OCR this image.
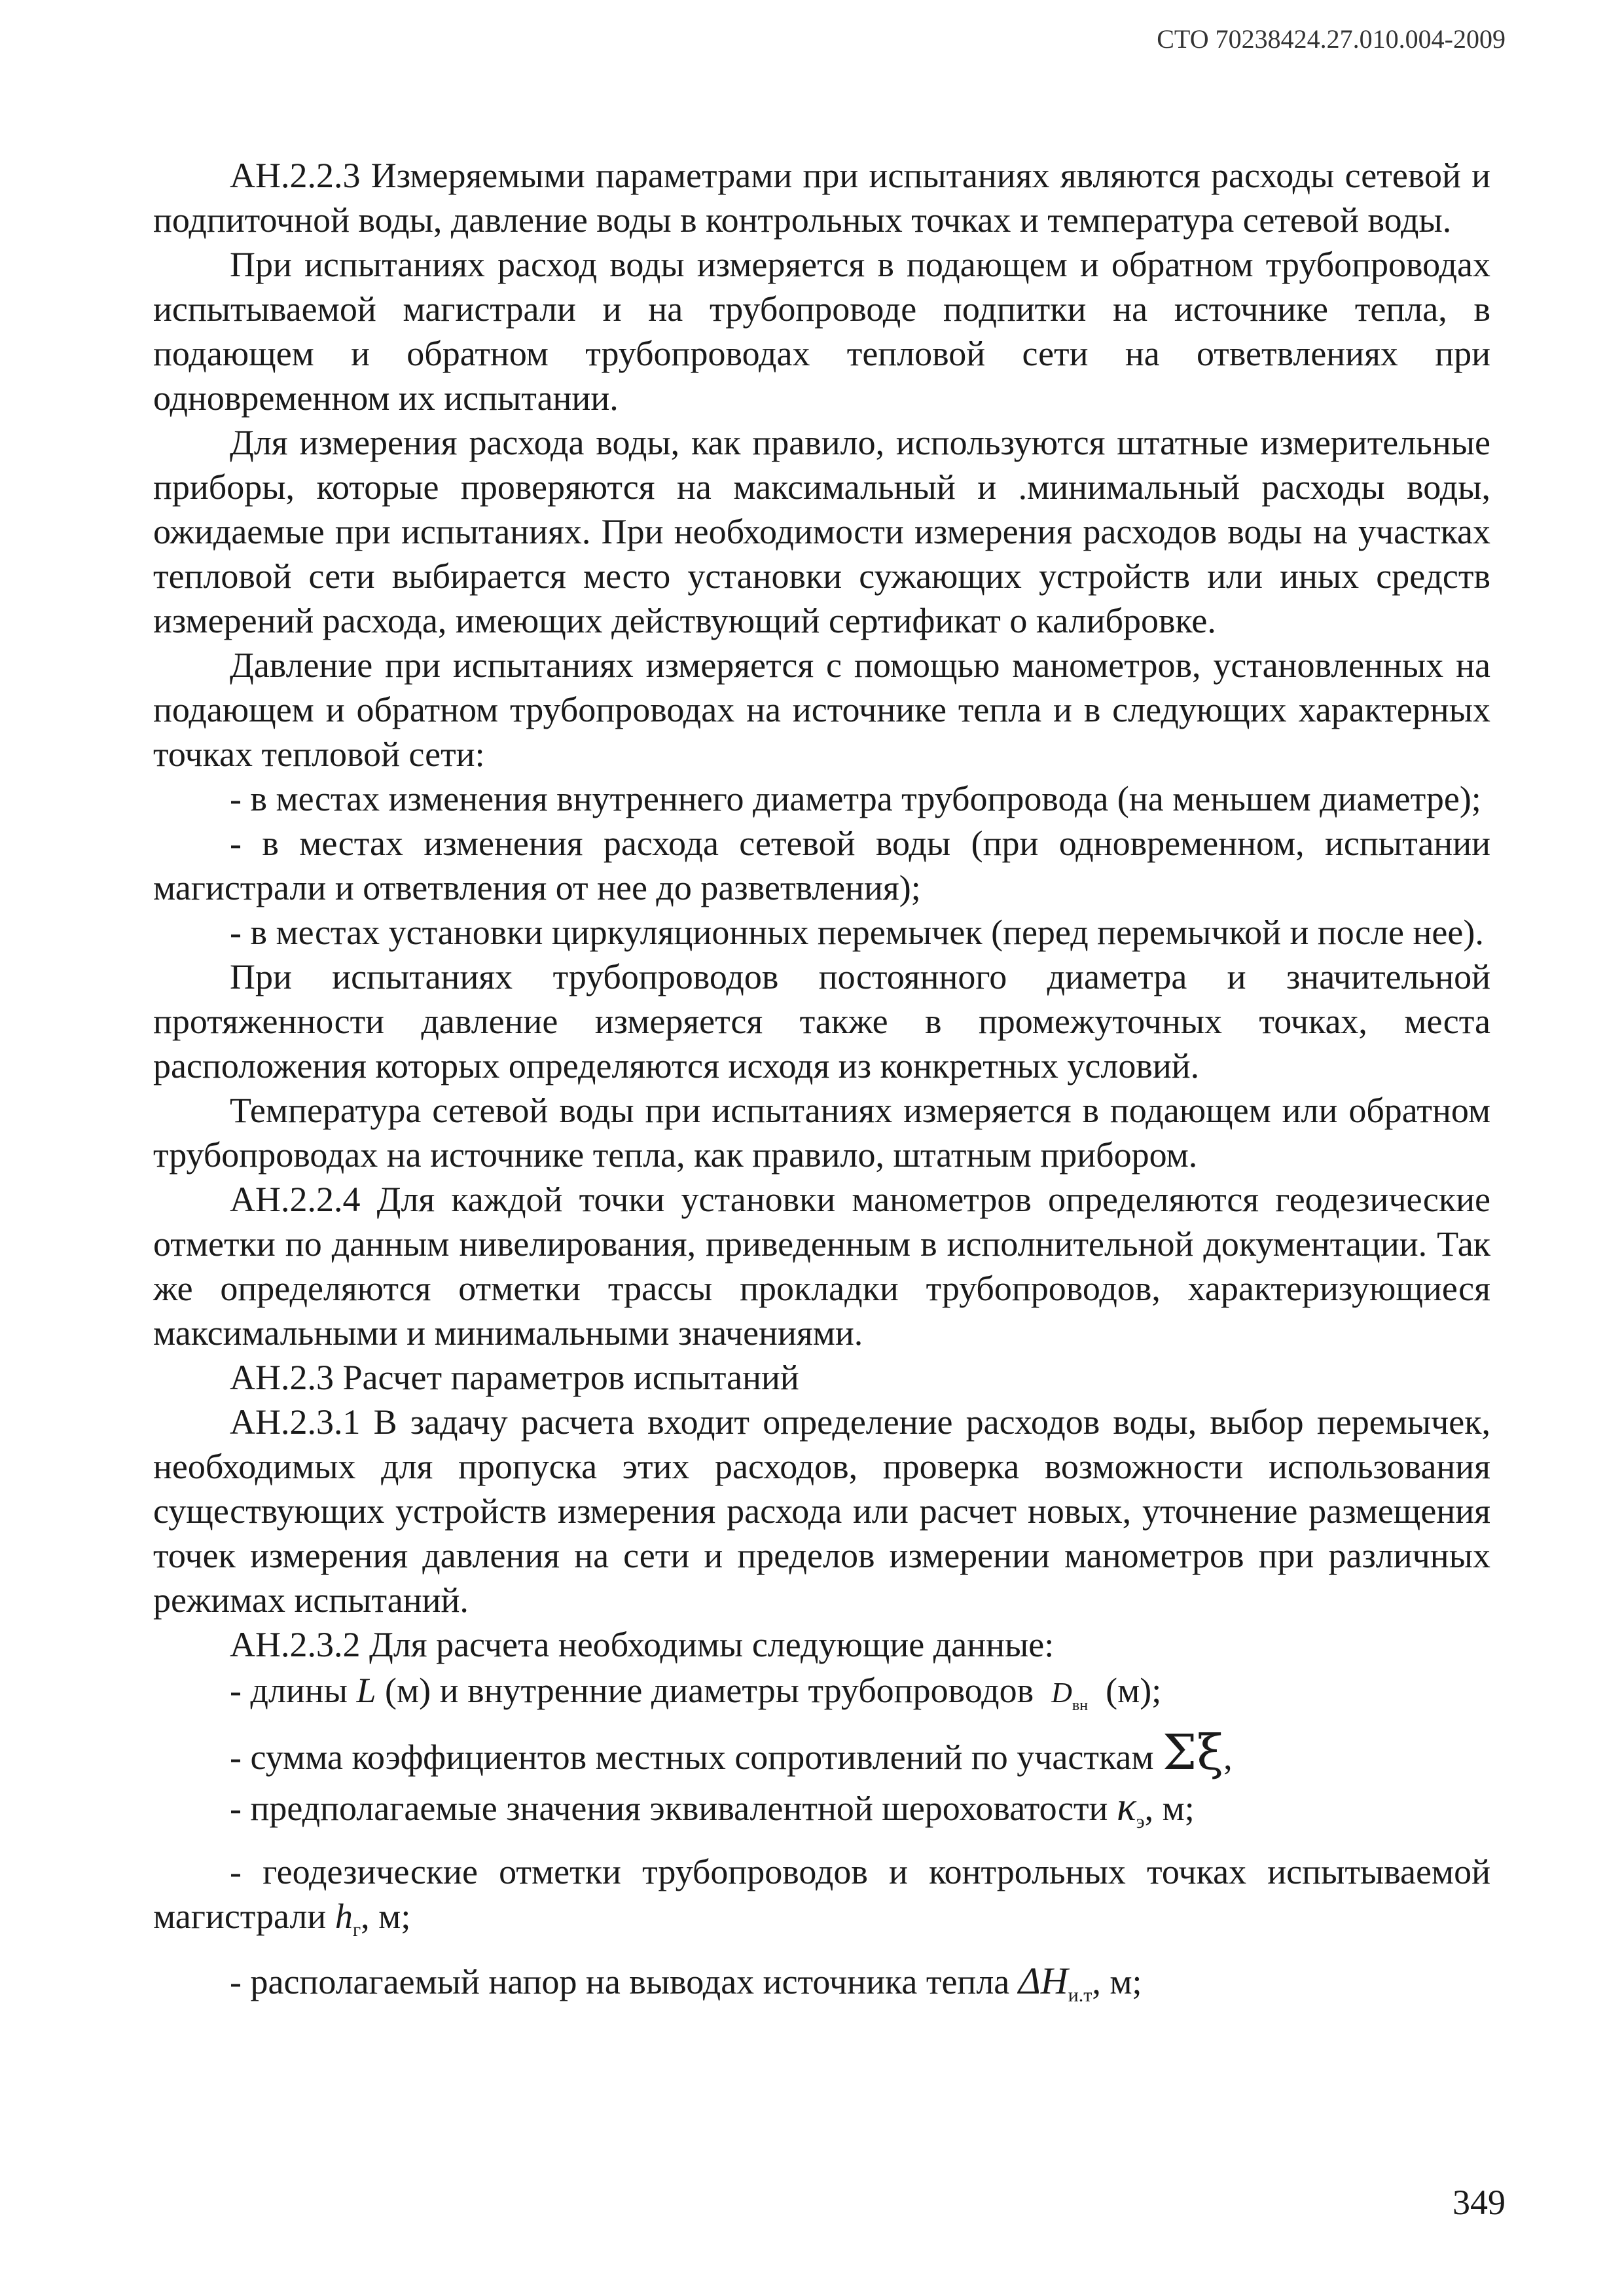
СТО 70238424.27.010.004-2009

АН.2.2.3 Измеряемыми параметрами при испытаниях являются расходы сетевой и подпиточной воды, давление воды в контрольных точках и температура сетевой воды.

При испытаниях расход воды измеряется в подающем и обратном трубопроводах испытываемой магистрали и на трубопроводе подпитки на источнике тепла, в подающем и обратном трубопроводах тепловой сети на ответвлениях при одновременном их испытании.

Для измерения расхода воды, как правило, используются штатные измерительные приборы, которые проверяются на максимальный и .минимальный расходы воды, ожидаемые при испытаниях. При необходимости измерения расходов воды на участках тепловой сети выбирается место установки сужающих устройств или иных средств измерений расхода, имеющих действующий сертификат о калибровке.

Давление при испытаниях измеряется с помощью манометров, установленных на подающем и обратном трубопроводах на источнике тепла и в следующих характерных точках тепловой сети:

- в местах изменения внутреннего диаметра трубопровода (на меньшем диаметре);

- в местах изменения расхода сетевой воды (при одновременном, испытании магистрали и ответвления от нее до разветвления);

- в местах установки циркуляционных перемычек (перед перемычкой и после нее).

При испытаниях трубопроводов постоянного диаметра и значительной протяженности давление измеряется также в промежуточных точках, места расположения которых определяются исходя из конкретных условий.

Температура сетевой воды при испытаниях измеряется в подающем или обратном трубопроводах на источнике тепла, как правило, штатным прибором.

АН.2.2.4 Для каждой точки установки манометров определяются геодезические отметки по данным нивелирования, приведенным в исполнительной документации. Так же определяются отметки трассы прокладки трубопроводов, характеризующиеся максимальными и минимальными значениями.

АН.2.3 Расчет параметров испытаний

АН.2.3.1 В задачу расчета входит определение расходов воды, выбор перемычек, необходимых для пропуска этих расходов, проверка возможности использования существующих устройств измерения расхода или расчет новых, уточнение размещения точек измерения давления на сети и пределов измерении манометров при различных режимах испытаний.

АН.2.3.2 Для расчета необходимы следующие данные:

- длины L (м) и внутренние диаметры трубопроводов $D_{вн}$ (м);

- сумма коэффициентов местных сопротивлений по участкам Σξ,

- предполагаемые значения эквивалентной шероховатости $\kappa_э$, м;

- геодезические отметки трубопроводов и контрольных точках испытываемой магистрали $h_г$, м;

- располагаемый напор на выводах источника тепла $\Delta H_{и.т}$, м;

349
